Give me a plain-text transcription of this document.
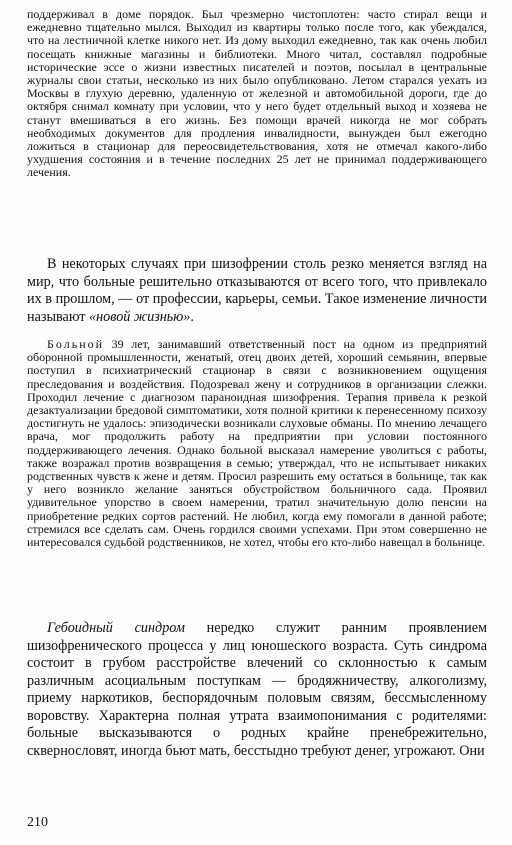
поддерживал в доме порядок. Был чрезмерно чистоплотен: часто стирал вещи и ежедневно тщательно мылся. Выходил из квартиры только после того, как убеждался, что на лестничной клетке никого нет. Из дому выходил ежедневно, так как очень любил посещать книжные магазины и библиотеки. Много читал, составлял подробные исторические эссе о жизни известных писателей и поэтов, посылал в центральные журналы свои статьи, несколько из них было опубликовано. Летом старался уехать из Москвы в глухую деревню, удаленную от железной и автомобильной дороги, где до октября снимал комнату при условии, что у него будет отдельный выход и хозяева не станут вмешиваться в его жизнь. Без помощи врачей никогда не мог собрать необходимых документов для продления инвалидности, вынужден был ежегодно ложиться в стационар для переосвидетельствования, хотя не отмечал какого-либо ухудшения состояния и в течение последних 25 лет не принимал поддерживающего лечения.

В некоторых случаях при шизофрении столь резко меняется взгляд на мир, что больные решительно отказываются от всего того, что привлекало их в прошлом, — от профессии, карьеры, семьи. Такое изменение личности называют «новой жизнью».

Больной 39 лет, занимавший ответственный пост на одном из предприятий оборонной промышленности, женатый, отец двоих детей, хороший семьянин, впервые поступил в психиатрический стационар в связи с возникновением ощущения преследования и воздействия. Подозревал жену и сотрудников в организации слежки. Проходил лечение с диагнозом параноидная шизофрения. Терапия привела к резкой дезактуализации бредовой симптоматики, хотя полной критики к перенесенному психозу достигнуть не удалось: эпизодически возникали слуховые обманы. По мнению лечащего врача, мог продолжить работу на предприятии при условии постоянного поддерживающего лечения. Однако больной высказал намерение уволиться с работы, также возражал против возвращения в семью; утверждал, что не испытывает никаких родственных чувств к жене и детям. Просил разрешить ему остаться в больнице, так как у него возникло желание заняться обустройством больничного сада. Проявил удивительное упорство в своем намерении, тратил значительную долю пенсии на приобретение редких сортов растений. Не любил, когда ему помогали в данной работе; стремился все сделать сам. Очень гордился своими успехами. При этом совершенно не интересовался судьбой родственников, не хотел, чтобы его кто-либо навещал в больнице.

Гебоидный синдром нередко служит ранним проявлением шизофренического процесса у лиц юношеского возраста. Суть синдрома состоит в грубом расстройстве влечений со склонностью к самым различным асоциальным поступкам — бродяжничеству, алкоголизму, приему наркотиков, беспорядочным половым связям, бессмысленному воровству. Характерна полная утрата взаимопонимания с родителями: больные высказываются о родных крайне пренебрежительно, сквернословят, иногда бьют мать, бесстыдно требуют денег, угрожают. Они

210
